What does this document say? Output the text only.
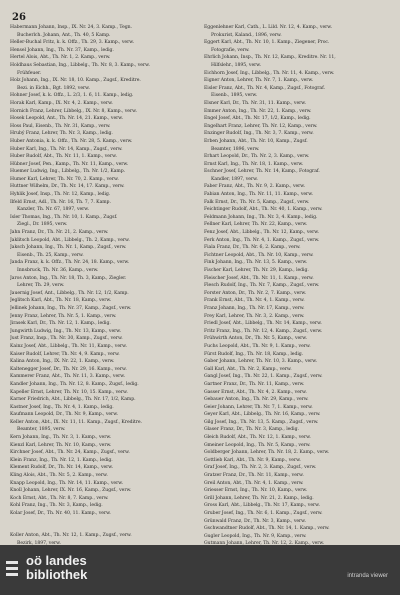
26
Habermann Johann, Insp., IX. Nr. 24, 3. Kamp., Tegn.
Bucherlch. Johann, Ant., Th. 40, 5 Kamp.
Heller-Buchal Fritz, k. k. Offz., Th. 29, 3. Kamp., verw.
Hensel Johann, Ing., Th. Nr. 37, Kamp., ledig.
Hertel Alois, Abt., Th. Nr. 1, 2. Kamp., verw.
Holdhaus Sebastian, Ing., Libbelg., Th. Nr. 8, 3. Kamp., verw.
Frühfeuer.
Holz Johann, Ing., IX. Nr. 18, 10. Kamp., Zugsf., Kreditre.
Bezi. in Eichh., Bgt. 1892, verw.
Hohner Josef, k. k. Offz., L. 2/3, 1. 6, 11. Kamp., ledig.
Horak Karl, Kamp., IX. Nr. 4, 2. Kamp., verw.
Hornich Franz, Lehrer, Libbelg., IX. Nr. 8, Kamp., verw.
Hosek Leopold, Ant., Th. Nr. 14, 21. Kamp., verw.
Hoss Paul, Eisenb., Th. Nr. 31, Kamp., verw.
Hrubý Franz, Lehrer, Th. Nr. 3, Kamp., ledig.
Huber Antonia, k. k. Offz., Th. Nr. 28, 5. Kamp., verw.
Huber Karl, Ing., Th. Nr. 14, Kamp., Zugsf., verw.
Huber Rudolf, Abt., Th. Nr. 11, 1. Kamp., verw.
Hübner Josef, Pen., Kamp., Th. Nr. 11, Kamp., verw.
Huemer Ludwig, Ing., Libbelg., Th. Nr. 1/2, Kamp.
Humer Karl, Lehrer, Th. Nr. 70, 2. Kamp., verw.
Huttner Wilhelm, Dr., Th. Nr. 14, 17. Kamp., verw.
Hyhlik Josef, Insp., Th. Nr. 12, Kamp., ledig.
Ilfeld Ernst, Adl., Th. Nr. 16, Th. 7, 7. Kamp.
Kanzler, Th. Nr. 67, 1897, verw.
Isler Thomas, Ing., Th. Nr. 10, 1. Kamp., Zugsf.
Ziegl., Dr. 1895, verw.
Jahn Franz, Dr., Th. Nr. 21, 2. Kamp., verw.
Jaklitsch Leopold, Abt., Libbelg., Th. 2, Kamp., verw.
Jaksch Johann, Ing., Th. Nr. 1, Kamp., Zugsf., verw.
Eisenb., Th. 25, Kamp., verw.
Janda Franz, k. k. Offz., Th. Nr. 24, 18. Kamp., verw.
Innsbruck, Th. Nr. 36, Kamp., verw.
Jaros Anton, Ing., Th. Nr. 18, Th. 3, Kamp., Ziegler.
Lehrer, Th. 29, verw.
Jauernig Josef, Ant., Libbelg., Th. Nr. 12, 1/2, Kamp.
Jeglitsch Karl, Abt., Th. Nr. 18, Kamp., verw.
Jellinek Johann, Ing., Th. Nr. 37, Kamp., Zugsf., verw.
Jenny Franz, Lehrer, Th. Nr. 5, 1. Kamp., verw.
Jirasek Karl, Dr., Th. Nr. 12, 1. Kamp., ledig.
Jungwirth Ludwig, Ing., Th. Nr. 13, Kamp., verw.
Just Franz, Insp., Th. Nr. 30, Kamp., Zugsf., verw.
Kainz Josef, Abt., Libbelg., Th. Nr. 11, Kamp., verw.
Kaiser Rudolf, Lehrer, Th. Nr. 4, 9. Kamp., verw.
Kalina Anton, Ing., IX. Nr. 22, 1. Kamp., verw.
Kaltenegger Josef, Dr., Th. Nr. 29, 16. Kamp., verw.
Kammerer Franz, Abt., Th. Nr. 11, 3. Kamp., verw.
Kandler Johann, Ing., Th. Nr. 12, 8. Kamp., Zugsf., ledig.
Kapeller Ernst, Lehrer, Th. Nr. 10, 15. Kamp., verw.
Karner Friedrich, Abt., Libbelg., Th. Nr. 17, 1/2, Kamp.
Kastner Josef, Ing., Th. Nr. 4, 1. Kamp., ledig.
Kaufmann Leopold, Dr., Th. Nr. 9, Kamp., verw.
Keller Anton, Abt., IX. Nr. 11, 11. Kamp., Zugsf., Kreditre.
Beamter, 1895, verw.
Kern Johann, Ing., Th. Nr. 3, 1. Kamp., verw.
Kienzl Karl, Lehrer, Th. Nr. 10, Kamp., verw.
Kirchner Josef, Abt., Th. Nr. 24, Kamp., Zugsf., verw.
Klein Franz, Ing., Th. Nr. 12, 1. Kamp., ledig.
Klement Rudolf, Dr., Th. Nr. 14, Kamp., verw.
Kling Alois, Abt., Th. Nr. 5, 2. Kamp., verw.
Knapp Leopold, Ing., Th. Nr. 14, 11. Kamp., verw.
Knoll Johann, Lehrer, IX. Nr. 16, Kamp., Zugsf., verw.
Koch Ernst, Abt., Th. Nr. 8, 7. Kamp., verw.
Kohl Franz, Ing., Th. Nr. 3, Kamp., ledig.
Kolar Josef, Dr., Th. Nr. 40, 11. Kamp., verw.

Koller Anton, Abt., Th. Nr. 12, 1. Kamp., Zugsf., verw.
Bezirk, 1897, verw.
Eggenlehner Karl, Cath., L. Lild. Nr. 12, 4. Kamp., verw.
Prokurist, Kaland., 1896, verw.
Eggert Karl, Abt., Th. Nr. 10, 1. Kamp., Ziegener, Proc.
Fotografie, verw.
Ehrlich Johann, Insp., Th. Nr. 12, Kamp., Kreditre. Nr. 11,
Hilfslehr., 1895, verw.
Eichhorn Josef, Ing., Libbelg., Th. Nr. 11, 4. Kamp., verw.
Eigner Anton, Lehrer, Th. Nr. 7, 1. Kamp., verw.
Eisler Franz, Abt., Th. Nr. 4, Kamp., Zugsf., Fotograf.
Eisenb., 1895, verw.
Elsner Karl, Dr., Th. Nr. 31, 11. Kamp., verw.
Emmer Anton, Ing., Th. Nr. 22, 1. Kamp., verw.
Engel Josef, Abt., Th. Nr. 17, 1/2, Kamp., ledig.
Engelhart Franz, Lehrer, Th. Nr. 12, Kamp., verw.
Enzinger Rudolf, Ing., Th. Nr. 3, 7. Kamp., verw.
Erben Johann, Abt., Th. Nr. 10, Kamp., Zugsf.
Beamter, 1896, verw.
Erhart Leopold, Dr., Th. Nr. 2, 3. Kamp., verw.
Ernst Karl, Ing., Th. Nr. 18, 1. Kamp., verw.
Eschner Josef, Lehrer, Th. Nr. 14, Kamp., Fotograf.
Kandler, 1897, verw.
Faber Franz, Abt., Th. Nr. 9, 2. Kamp., verw.
Fabian Anton, Ing., Th. Nr. 11, 11. Kamp., verw.
Falk Ernst, Dr., Th. Nr. 5, Kamp., Zugsf., verw.
Feichtinger Rudolf, Abt., Th. Nr. 40, 1. Kamp., verw.
Feldmann Johann, Ing., Th. Nr. 3, 4. Kamp., ledig.
Fellner Karl, Lehrer, Th. Nr. 22, Kamp., verw.
Fenz Josef, Abt., Libbelg., Th. Nr. 12, Kamp., verw.
Ferk Anton, Ing., Th. Nr. 4, 1. Kamp., Zugsf., verw.
Fiala Franz, Dr., Th. Nr. 6, 2. Kamp., verw.
Fichtner Leopold, Abt., Th. Nr. 10, Kamp., verw.
Fink Johann, Ing., Th. Nr. 13, 5. Kamp., verw.
Fischer Karl, Lehrer, Th. Nr. 29, Kamp., ledig.
Fleischer Josef, Abt., Th. Nr. 11, 1. Kamp., verw.
Flesch Rudolf, Ing., Th. Nr. 7, Kamp., Zugsf., verw.
Forster Anton, Dr., Th. Nr. 2, 7. Kamp., verw.
Frank Ernst, Abt., Th. Nr. 4, 1. Kamp., verw.
Franz Johann, Ing., Th. Nr. 17, Kamp., verw.
Frey Karl, Lehrer, Th. Nr. 3, 2. Kamp., verw.
Friedl Josef, Abt., Libbelg., Th. Nr. 14, Kamp., verw.
Fritz Franz, Ing., Th. Nr. 12, 4. Kamp., Zugsf., verw.
Frühwirth Anton, Dr., Th. Nr. 5, Kamp., verw.
Fuchs Leopold, Abt., Th. Nr. 9, 1. Kamp., verw.
Fürst Rudolf, Ing., Th. Nr. 18, Kamp., ledig.
Gaber Johann, Lehrer, Th. Nr. 10, 3. Kamp., verw.
Gall Karl, Abt., Th. Nr. 2, Kamp., verw.
Gangl Josef, Ing., Th. Nr. 22, 1. Kamp., Zugsf., verw.
Gartner Franz, Dr., Th. Nr. 11, Kamp., verw.
Gasser Ernst, Abt., Th. Nr. 4, 2. Kamp., verw.
Gebauer Anton, Ing., Th. Nr. 29, Kamp., verw.
Geier Johann, Lehrer, Th. Nr. 7, 1. Kamp., verw.
Geyer Karl, Abt., Libbelg., Th. Nr. 16, Kamp., verw.
Gilg Josef, Ing., Th. Nr. 13, 5. Kamp., Zugsf., verw.
Glaser Franz, Dr., Th. Nr. 3, Kamp., ledig.
Gleich Rudolf, Abt., Th. Nr. 12, 1. Kamp., verw.
Gmeiner Leopold, Ing., Th. Nr. 5, Kamp., verw.
Goldberger Johann, Lehrer, Th. Nr. 18, 2. Kamp., verw.
Gottlieb Karl, Abt., Th. Nr. 9, Kamp., verw.
Graf Josef, Ing., Th. Nr. 2, 3. Kamp., Zugsf., verw.
Gratzer Franz, Dr., Th. Nr. 11, Kamp., verw.
Greil Anton, Abt., Th. Nr. 4, 1. Kamp., verw.
Griesser Ernst, Ing., Th. Nr. 10, Kamp., verw.
Grill Johann, Lehrer, Th. Nr. 21, 2. Kamp., ledig.
Gross Karl, Abt., Libbelg., Th. Nr. 17, Kamp., verw.
Gruber Josef, Ing., Th. Nr. 6, 1. Kamp., Zugsf., verw.
Grünwald Franz, Dr., Th. Nr. 3, Kamp., verw.
Gschwandtner Rudolf, Abt., Th. Nr. 14, 1. Kamp., verw.
Gugler Leopold, Ing., Th. Nr. 9, Kamp., verw.
Gutmann Johann, Lehrer, Th. Nr. 12, 2. Kamp., verw.
oö landes
bibliothek	intranda viewer
